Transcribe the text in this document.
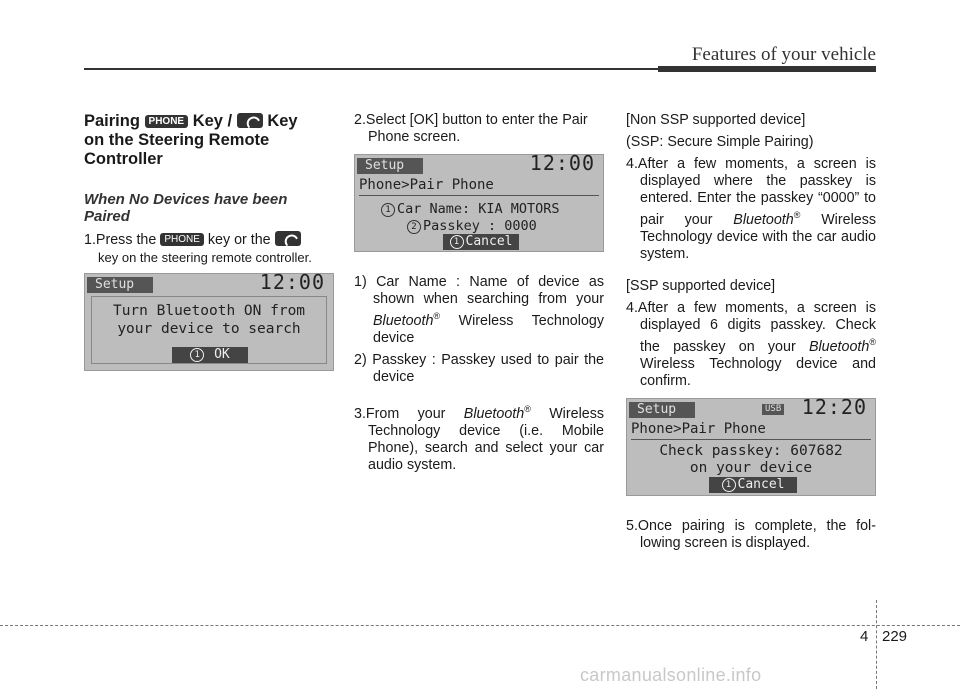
Features of your vehicle
Pairing PHONE Key / Key
on the Steering Remote
Controller
When No Devices have been Paired
1.Press the PHONE key or the
key on the steering remote controller.
Setup	12:00
Turn Bluetooth ON from
your device to search
1 OK
2.Select [OK] button to enter the Pair Phone screen.
Setup	12:00
Phone>Pair Phone
1 Car Name: KIA MOTORS
2 Passkey : 0000
1 Cancel
1) Car Name : Name of device as shown when searching from your Bluetooth® Wireless Technology device
2) Passkey : Passkey used to pair the device
3.From your Bluetooth® Wireless Technology device (i.e. Mobile Phone), search and select your car audio system.
[Non SSP supported device]
(SSP: Secure Simple Pairing)
4.After a few moments, a screen is displayed where the passkey is entered. Enter the passkey “0000” to pair your Bluetooth® Wireless Technology device with the car audio system.
[SSP supported device]
4.After a few moments, a screen is displayed 6 digits passkey. Check the passkey on your Bluetooth® Wireless Technology device and confirm.
Setup	USB 12:20
Phone>Pair Phone
Check passkey: 607682
on your device
1 Cancel
5.Once pairing is complete, the fol- lowing screen is displayed.
4 229
carmanualsonline.info
